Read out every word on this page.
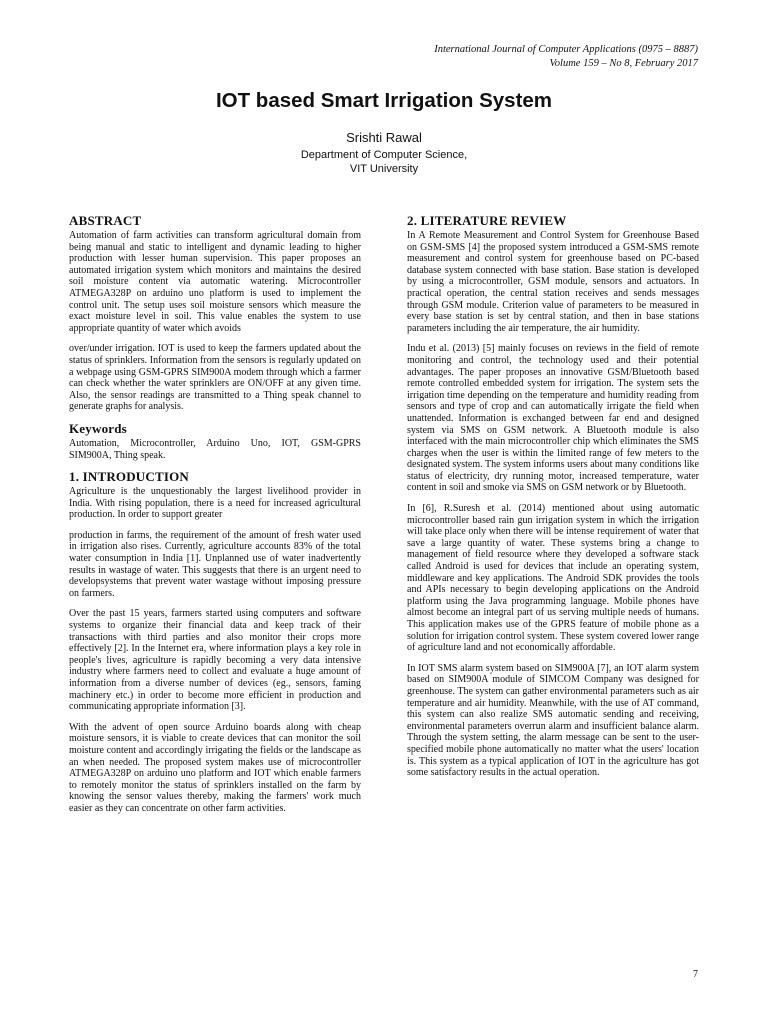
International Journal of Computer Applications (0975 – 8887)
Volume 159 – No 8, February 2017
IOT based Smart Irrigation System
Srishti Rawal
Department of Computer Science,
VIT University
ABSTRACT

Automation of farm activities can transform agricultural domain from being manual and static to intelligent and dynamic leading to higher production with lesser human supervision. This paper proposes an automated irrigation system which monitors and maintains the desired soil moisture content via automatic watering. Microcontroller ATMEGA328P on arduino uno platform is used to implement the control unit. The setup uses soil moisture sensors which measure the exact moisture level in soil. This value enables the system to use appropriate quantity of water which avoids

over/under irrigation. IOT is used to keep the farmers updated about the status of sprinklers. Information from the sensors is regularly updated on a webpage using GSM-GPRS SIM900A modem through which a farmer can check whether the water sprinklers are ON/OFF at any given time. Also, the sensor readings are transmitted to a Thing speak channel to generate graphs for analysis.

Keywords

Automation, Microcontroller, Arduino Uno, IOT, GSM-GPRS SIM900A, Thing speak.

1. INTRODUCTION

Agriculture is the unquestionably the largest livelihood provider in India. With rising population, there is a need for increased agricultural production. In order to support greater

production in farms, the requirement of the amount of fresh water used in irrigation also rises. Currently, agriculture accounts 83% of the total water consumption in India [1]. Unplanned use of water inadvertently results in wastage of water. This suggests that there is an urgent need to developsystems that prevent water wastage without imposing pressure on farmers.

Over the past 15 years, farmers started using computers and software systems to organize their financial data and keep track of their transactions with third parties and also monitor their crops more effectively [2]. In the Internet era, where information plays a key role in people's lives, agriculture is rapidly becoming a very data intensive industry where farmers need to collect and evaluate a huge amount of information from a diverse number of devices (eg., sensors, faming machinery etc.) in order to become more efficient in production and communicating appropriate information [3].

With the advent of open source Arduino boards along with cheap moisture sensors, it is viable to create devices that can monitor the soil moisture content and accordingly irrigating the fields or the landscape as an when needed. The proposed system makes use of microcontroller ATMEGA328P on arduino uno platform and IOT which enable farmers to remotely monitor the status of sprinklers installed on the farm by knowing the sensor values thereby, making the farmers' work much easier as they can concentrate on other farm activities.

2. LITERATURE REVIEW

In A Remote Measurement and Control System for Greenhouse Based on GSM-SMS [4] the proposed system introduced a GSM-SMS remote measurement and control system for greenhouse based on PC-based database system connected with base station. Base station is developed by using a microcontroller, GSM module, sensors and actuators. In practical operation, the central station receives and sends messages through GSM module. Criterion value of parameters to be measured in every base station is set by central station, and then in base stations parameters including the air temperature, the air humidity.

Indu et al. (2013) [5] mainly focuses on reviews in the field of remote monitoring and control, the technology used and their potential advantages. The paper proposes an innovative GSM/Bluetooth based remote controlled embedded system for irrigation. The system sets the irrigation time depending on the temperature and humidity reading from sensors and type of crop and can automatically irrigate the field when unattended. Information is exchanged between far end and designed system via SMS on GSM network. A Bluetooth module is also interfaced with the main microcontroller chip which eliminates the SMS charges when the user is within the limited range of few meters to the designated system. The system informs users about many conditions like status of electricity, dry running motor, increased temperature, water content in soil and smoke via SMS on GSM network or by Bluetooth.

In [6], R.Suresh et al. (2014) mentioned about using automatic microcontroller based rain gun irrigation system in which the irrigation will take place only when there will be intense requirement of water that save a large quantity of water. These systems bring a change to management of field resource where they developed a software stack called Android is used for devices that include an operating system, middleware and key applications. The Android SDK provides the tools and APIs necessary to begin developing applications on the Android platform using the Java programming language. Mobile phones have almost become an integral part of us serving multiple needs of humans. This application makes use of the GPRS feature of mobile phone as a solution for irrigation control system. These system covered lower range of agriculture land and not economically affordable.

In IOT SMS alarm system based on SIM900A [7], an IOT alarm system based on SIM900A module of SIMCOM Company was designed for greenhouse. The system can gather environmental parameters such as air temperature and air humidity. Meanwhile, with the use of AT command, this system can also realize SMS automatic sending and receiving, environmental parameters overrun alarm and insufficient balance alarm. Through the system setting, the alarm message can be sent to the user-specified mobile phone automatically no matter what the users' location is. This system as a typical application of IOT in the agriculture has got some satisfactory results in the actual operation.

7
